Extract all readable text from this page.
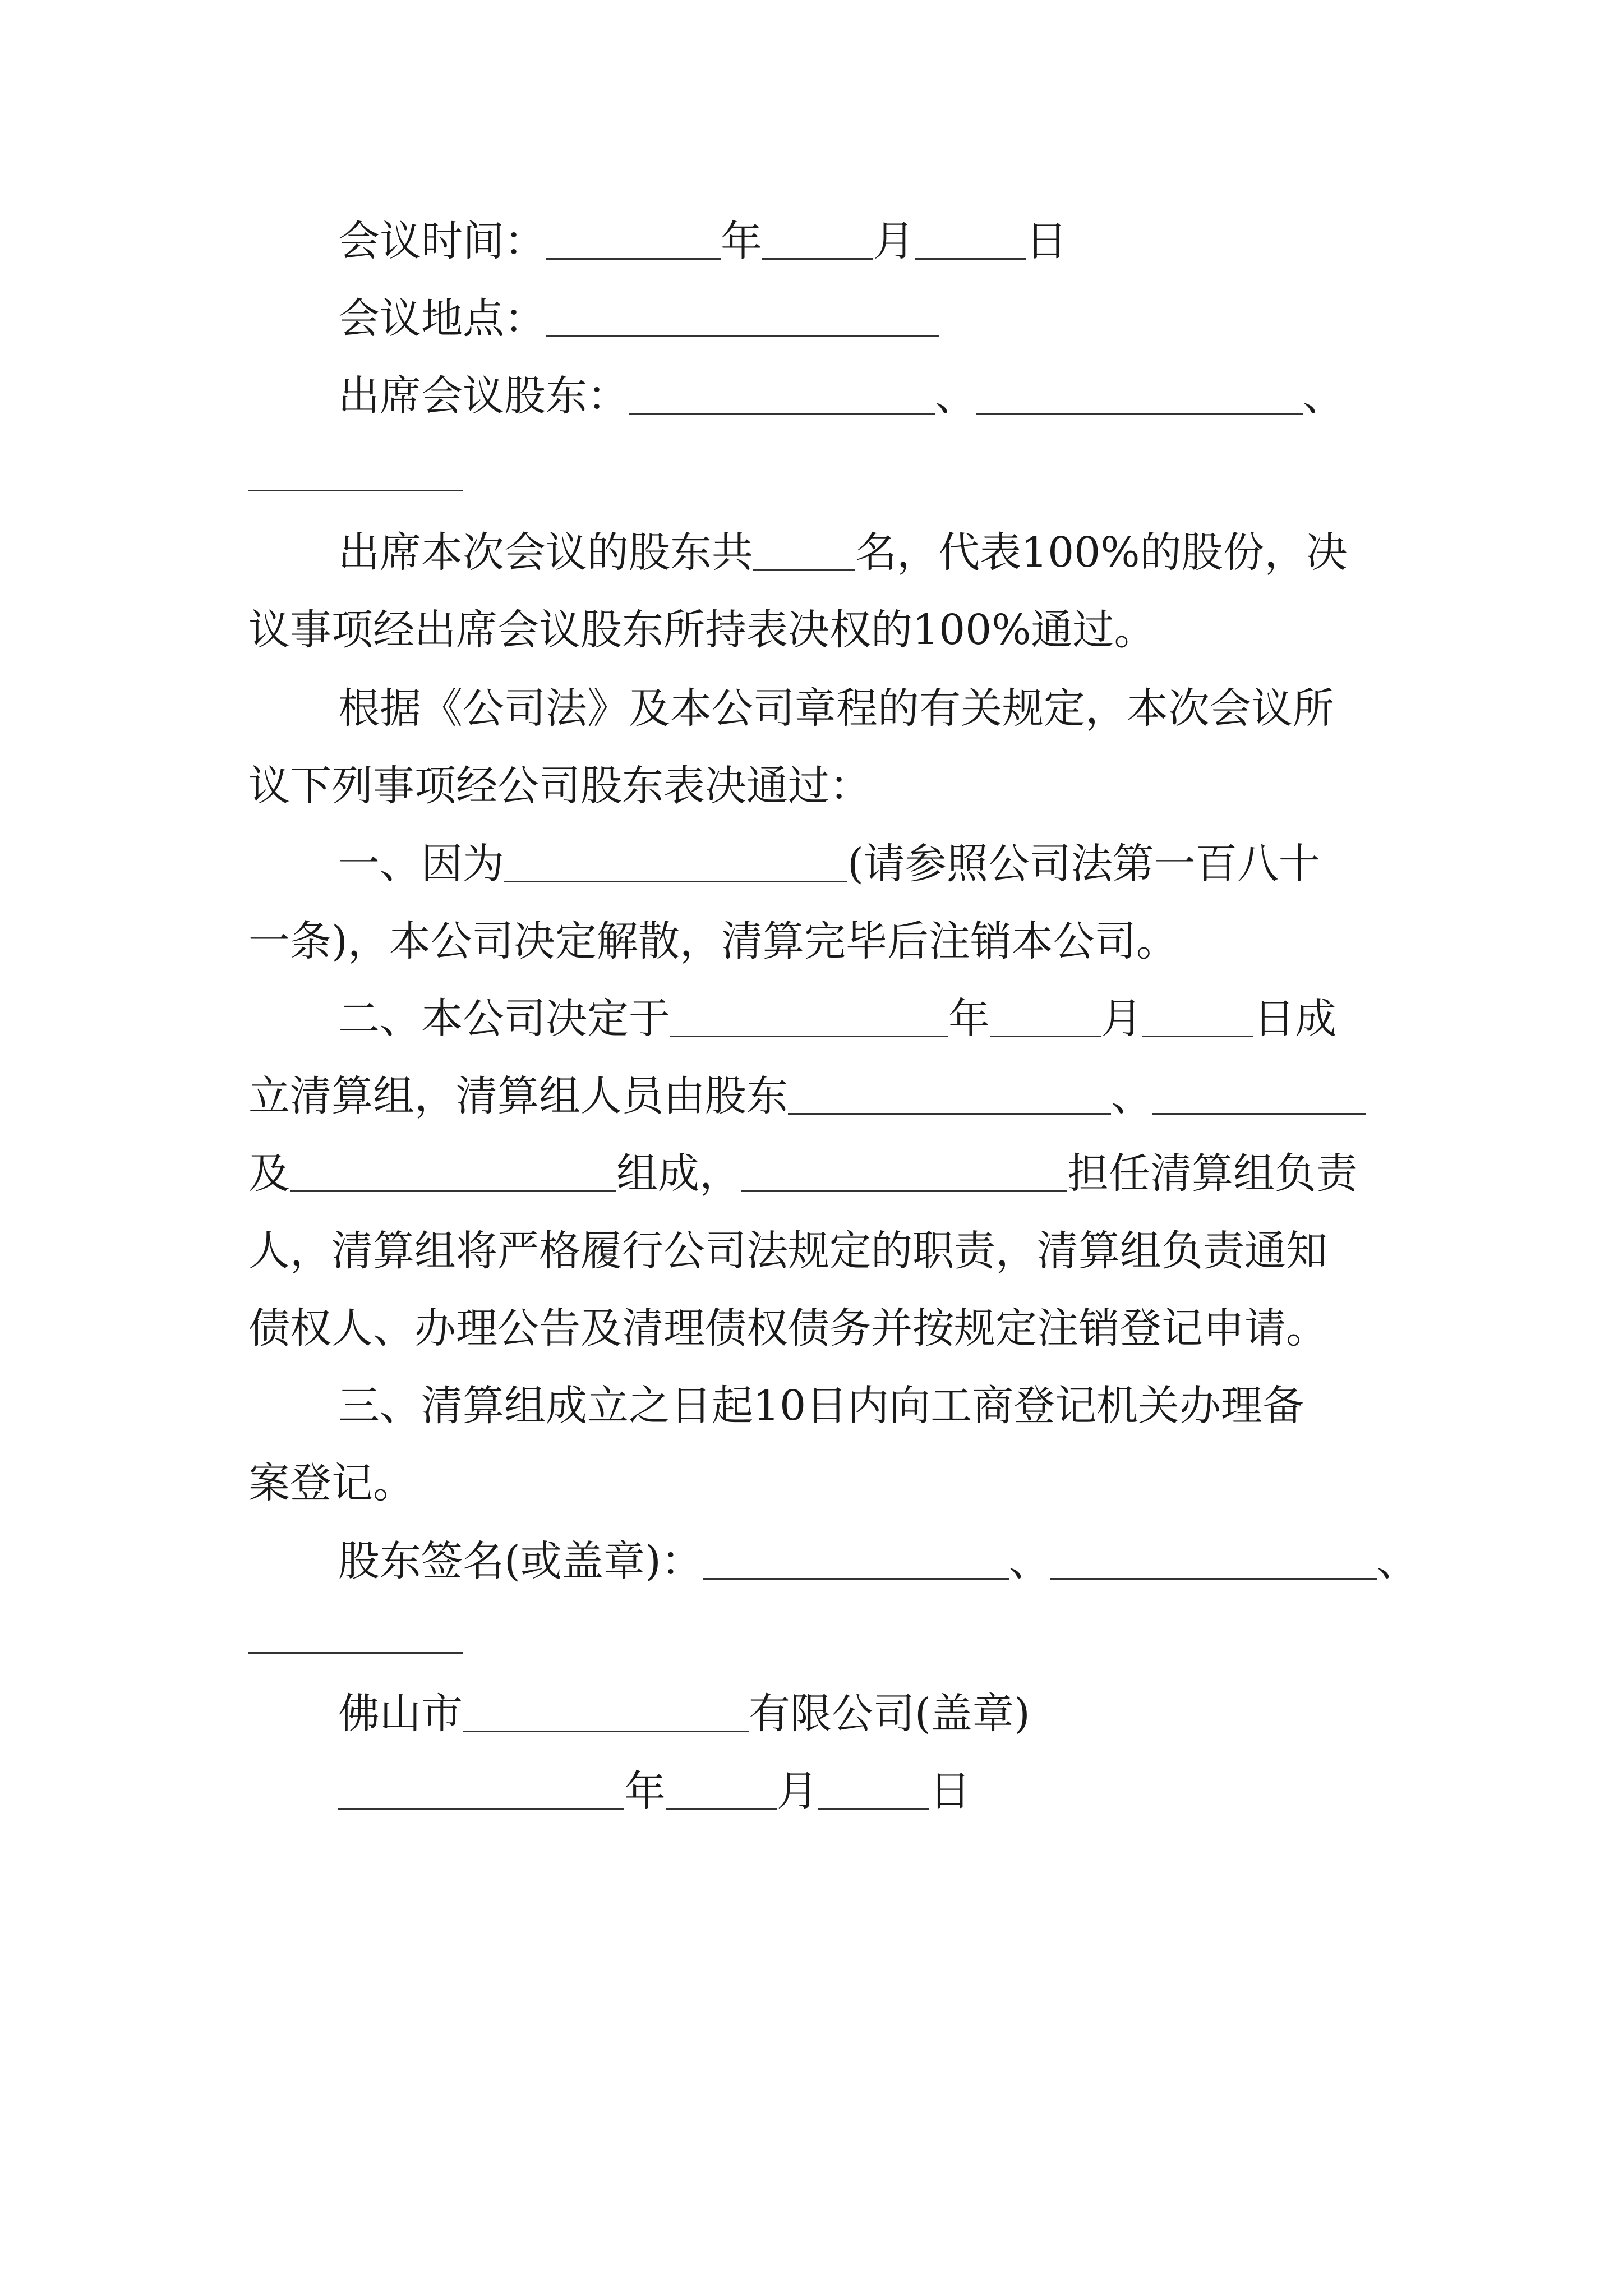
会议时间：	年	月	日
会议地点：
出席会议股东：	、	、
出席本次会议的股东共 名，代表100%的股份，决
议事项经出席会议股东所持表决权的100%通过。
根据《公司法》及本公司章程的有关规定，本次会议所
议下列事项经公司股东表决通过：
一、因为	(请参照公司法第一百八十
一条)，本公司决定解散，清算完毕后注销本公司。
二、本公司决定于	年	月	日成
立清算组，清算组人员由股东	、
及	组成，	担任清算组负责
人，清算组将严格履行公司法规定的职责，清算组负责通知
债权人、办理公告及清理债权债务并按规定注销登记申请。
三、清算组成立之日起10日内向工商登记机关办理备
案登记。
股东签名(或盖章)：	、	、
佛山市	有限公司(盖章)
年	月	日
